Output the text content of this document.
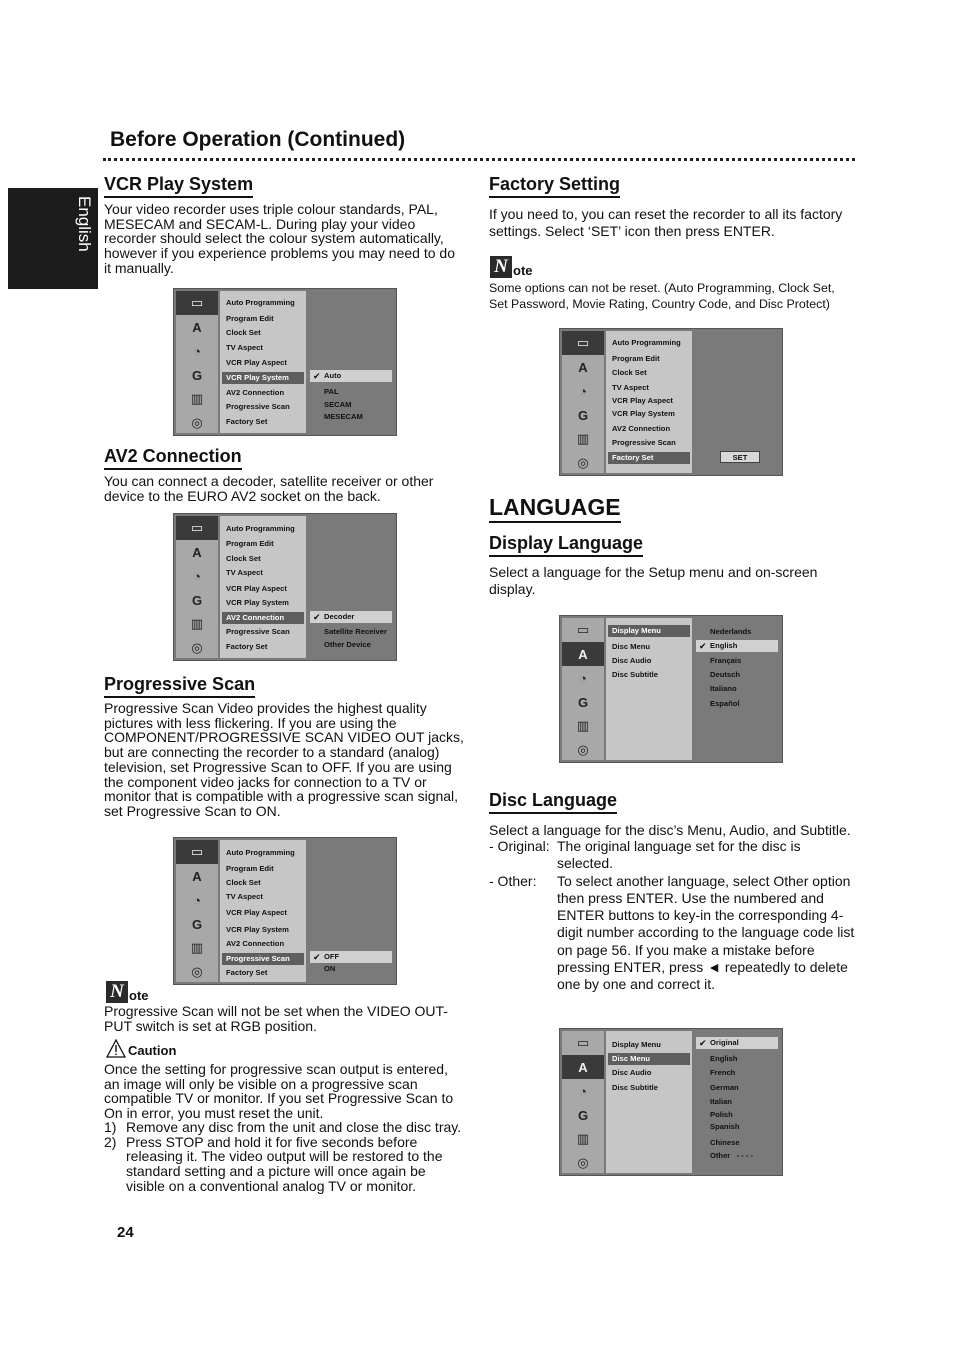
Before Operation (Continued)
English
VCR Play System
Your video recorder uses triple colour standards, PAL, MESECAM and SECAM-L. During play your video recorder should select the colour system automatically, however if you experience problems you may need to do it manually.
▭
A
◔
G
▥
◎
Auto Programming
Program Edit
Clock Set
TV Aspect
VCR Play Aspect
VCR Play System
AV2 Connection
Progressive Scan
Factory Set
✔ Auto
PAL
SECAM
MESECAM
AV2 Connection
You can connect a decoder, satellite receiver or other device to the EURO AV2 socket on the back.
▭
A
◔
G
▥
◎
Auto Programming
Program Edit
Clock Set
TV Aspect
VCR Play Aspect
VCR Play System
AV2 Connection
Progressive Scan
Factory Set
✔ Decoder
Satellite Receiver
Other Device
Progressive Scan
Progressive Scan Video provides the highest quality pictures with less flickering. If you are using the COMPONENT/PROGRESSIVE SCAN VIDEO OUT jacks, but are connecting the recorder to a standard (analog) television, set Progressive Scan to OFF. If you are using the component video jacks for connection to a TV or monitor that is compatible with a progressive scan signal, set Progressive Scan to ON.
▭
A
◔
G
▥
◎
Auto Programming
Program Edit
Clock Set
TV Aspect
VCR Play Aspect
VCR Play System
AV2 Connection
Progressive Scan
Factory Set
✔ OFF
ON
N ote
Progressive Scan will not be set when the VIDEO OUT-PUT switch is set at RGB position.
Caution
Once the setting for progressive scan output is entered, an image will only be visible on a progressive scan compatible TV or monitor. If you set Progressive Scan to On in error, you must reset the unit.
1) Remove any disc from the unit and close the disc tray.
2) Press STOP and hold it for five seconds before releasing it. The video output will be restored to the standard setting and a picture will once again be visible on a conventional analog TV or monitor.
24
Factory Setting
If you need to, you can reset the recorder to all its factory settings. Select ‘SET’ icon then press ENTER.
N ote
Some options can not be reset. (Auto Programming, Clock Set, Set Password, Movie Rating, Country Code, and Disc Protect)
▭
A
◔
G
▥
◎
Auto Programming
Program Edit
Clock Set
TV Aspect
VCR Play Aspect
VCR Play System
AV2 Connection
Progressive Scan
Factory Set	SET
LANGUAGE
Display Language
Select a language for the Setup menu and on-screen display.
▭
A
◔
G
▥
◎
Display Menu
Disc Menu
Disc Audio
Disc Subtitle
Nederlands
✔ English
Français
Deutsch
Italiano
Español
Disc Language
Select a language for the disc’s Menu, Audio, and Subtitle.
- Original: The original language set for the disc is selected.
- Other:	To select another language, select Other option then press ENTER. Use the numbered and ENTER buttons to key-in the corresponding 4-digit number according to the language code list on page 56. If you make a mistake before pressing ENTER, press ◄ repeatedly to delete one by one and correct it.
▭
A
◔
G
▥
◎
Display Menu
Disc Menu
Disc Audio
Disc Subtitle
✔ Original
English
French
German
Italian
Polish
Spanish
Chinese
Other - - - -
